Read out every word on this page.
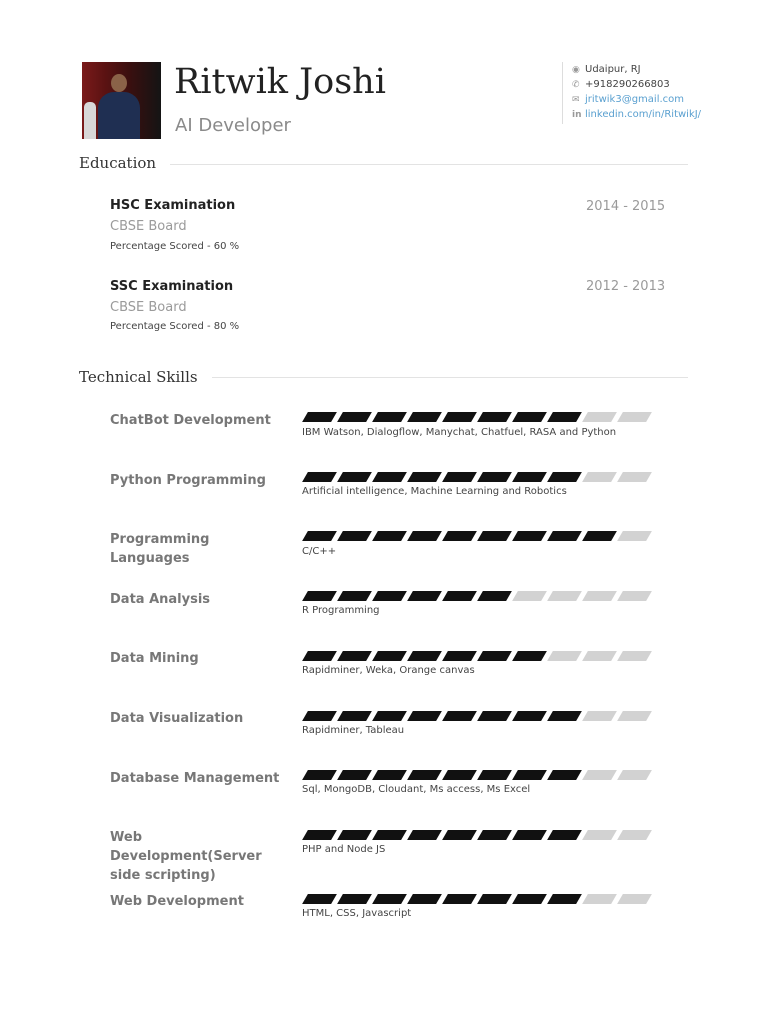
Ritwik Joshi
AI Developer
◉ Udaipur, RJ
✆ +918290266803
✉ jritwik3@gmail.com
in linkedin.com/in/RitwikJ/
Education
HSC Examination
CBSE Board
Percentage Scored - 60 %
2014 - 2015
SSC Examination
CBSE Board
Percentage Scored - 80 %
2012 - 2013
Technical Skills
ChatBot Development
IBM Watson, Dialogflow, Manychat, Chatfuel, RASA and Python
Python Programming
Artificial intelligence, Machine Learning and Robotics
Programming Languages	C/C++
Data Analysis
R Programming
Data Mining
Rapidminer, Weka, Orange canvas
Data Visualization
Rapidminer, Tableau
Database Management
Sql, MongoDB, Cloudant, Ms access, Ms Excel
Web Development(Server side scripting)
PHP and Node JS
Web Development
HTML, CSS, Javascript
